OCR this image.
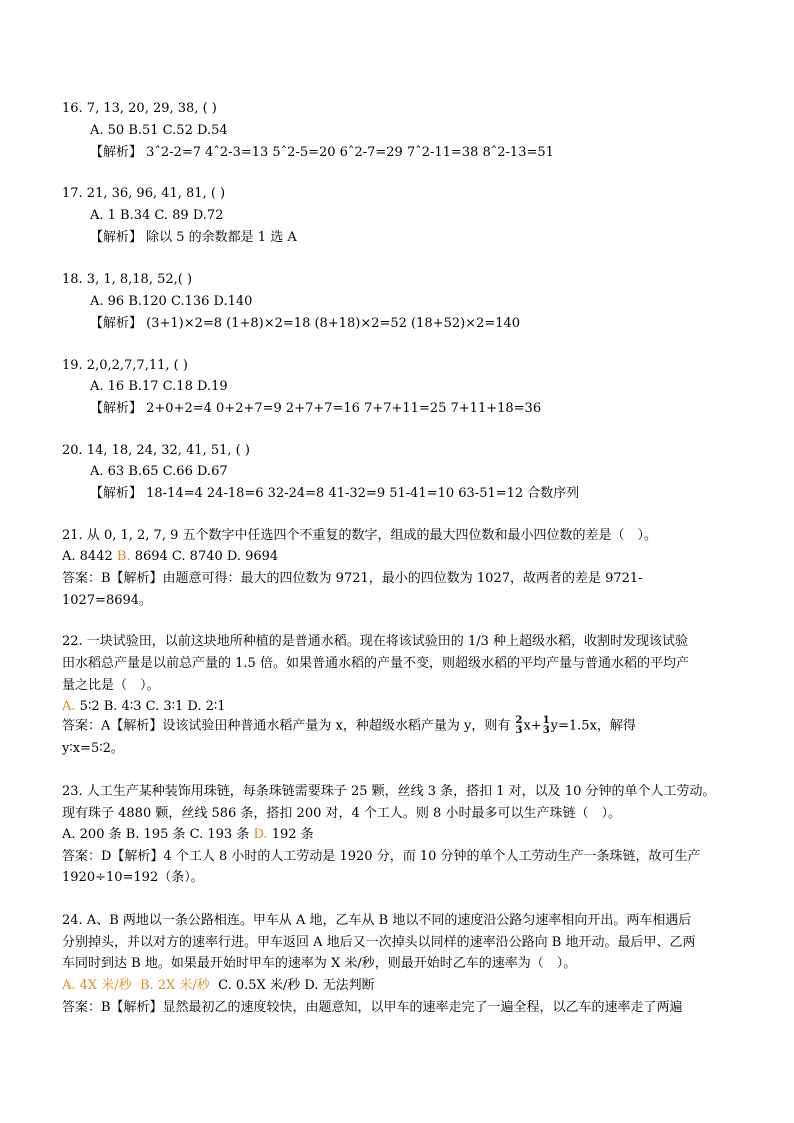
16. 7, 13, 20, 29, 38, ( )
A. 50 B.51 C.52 D.54
【解析】 3ˆ2-2=7 4ˆ2-3=13 5ˆ2-5=20 6ˆ2-7=29 7ˆ2-11=38 8ˆ2-13=51
17. 21, 36, 96, 41, 81, ( )
A. 1 B.34 C. 89 D.72
【解析】 除以 5 的余数都是 1 选 A
18. 3, 1, 8,18, 52,( )
A. 96 B.120 C.136 D.140
【解析】 (3+1)×2=8 (1+8)×2=18 (8+18)×2=52 (18+52)×2=140
19. 2,0,2,7,7,11, ( )
A. 16 B.17 C.18 D.19
【解析】 2+0+2=4 0+2+7=9 2+7+7=16 7+7+11=25 7+11+18=36
20. 14, 18, 24, 32, 41, 51, ( )
A. 63 B.65 C.66 D.67
【解析】 18-14=4 24-18=6 32-24=8 41-32=9 51-41=10 63-51=12 合数序列
21. 从 0, 1, 2, 7, 9 五个数字中任选四个不重复的数字，组成的最大四位数和最小四位数的差是（　）。
A. 8442 B. 8694 C. 8740 D. 9694
答案：B【解析】由题意可得：最大的四位数为 9721，最小的四位数为 1027，故两者的差是 9721-
1027=8694。
22. 一块试验田，以前这块地所种植的是普通水稻。现在将该试验田的 1/3 种上超级水稻，收割时发现该试验
田水稻总产量是以前总产量的 1.5 倍。如果普通水稻的产量不变，则超级水稻的平均产量与普通水稻的平均产
量之比是（　）。
A. 5∶2 B. 4∶3 C. 3∶1 D. 2∶1
答案：A【解析】设该试验田种普通水稻产量为 x，种超级水稻产量为 y，则有 2
3 x+ 1
3 y=1.5x，解得
y∶x=5∶2。
23. 人工生产某种装饰用珠链，每条珠链需要珠子 25 颗，丝线 3 条，搭扣 1 对，以及 10 分钟的单个人工劳动。
现有珠子 4880 颗，丝线 586 条，搭扣 200 对，4 个工人。则 8 小时最多可以生产珠链（　）。
A. 200 条 B. 195 条 C. 193 条 D. 192 条
答案：D【解析】4 个工人 8 小时的人工劳动是 1920 分，而 10 分钟的单个人工劳动生产一条珠链，故可生产
1920÷10=192（条）。
24. A、B 两地以一条公路相连。甲车从 A 地，乙车从 B 地以不同的速度沿公路匀速率相向开出。两车相遇后
分别掉头，并以对方的速率行进。甲车返回 A 地后又一次掉头以同样的速率沿公路向 B 地开动。最后甲、乙两
车同时到达 B 地。如果最开始时甲车的速率为 X 米/秒，则最开始时乙车的速率为（　）。
A. 4X 米/秒 B. 2X 米/秒 C. 0.5X 米/秒 D. 无法判断
答案：B【解析】显然最初乙的速度较快，由题意知，以甲车的速率走完了一遍全程，以乙车的速率走了两遍
